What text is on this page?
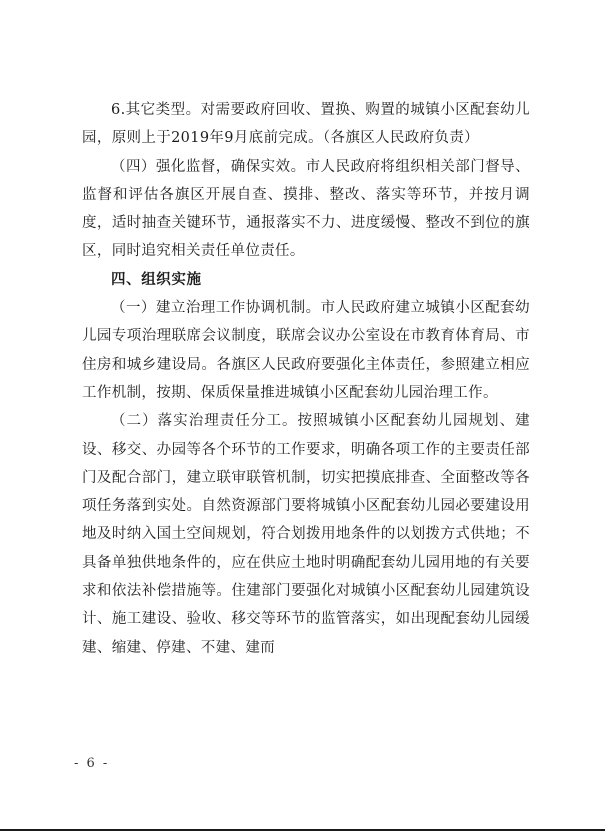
6.其它类型。对需要政府回收、置换、购置的城镇小区配套幼儿园，原则上于2019年9月底前完成。（各旗区人民政府负责）

（四）强化监督，确保实效。市人民政府将组织相关部门督导、监督和评估各旗区开展自查、摸排、整改、落实等环节，并按月调度，适时抽查关键环节，通报落实不力、进度缓慢、整改不到位的旗区，同时追究相关责任单位责任。

四、组织实施

（一）建立治理工作协调机制。市人民政府建立城镇小区配套幼儿园专项治理联席会议制度，联席会议办公室设在市教育体育局、市住房和城乡建设局。各旗区人民政府要强化主体责任，参照建立相应工作机制，按期、保质保量推进城镇小区配套幼儿园治理工作。

（二）落实治理责任分工。按照城镇小区配套幼儿园规划、建设、移交、办园等各个环节的工作要求，明确各项工作的主要责任部门及配合部门，建立联审联管机制，切实把摸底排查、全面整改等各项任务落到实处。自然资源部门要将城镇小区配套幼儿园必要建设用地及时纳入国土空间规划，符合划拨用地条件的以划拨方式供地；不具备单独供地条件的，应在供应土地时明确配套幼儿园用地的有关要求和依法补偿措施等。住建部门要强化对城镇小区配套幼儿园建筑设计、施工建设、验收、移交等环节的监管落实，如出现配套幼儿园缓建、缩建、停建、不建、建而

- 6 -
